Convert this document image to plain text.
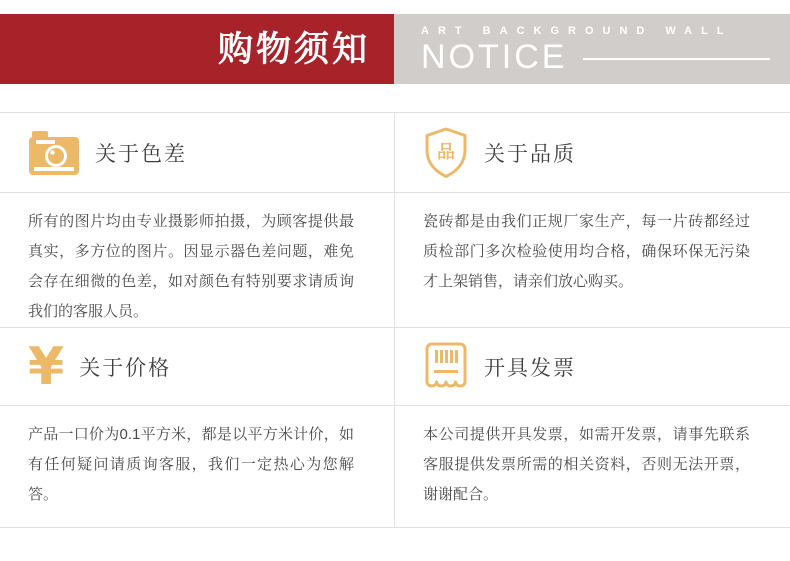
购物须知	ART BACKGROUND WALL
NOTICE
关于色差	品 关于品质
所有的图片均由专业摄影师拍摄，为顾客提供最真实，多方位的图片。因显示器色差问题，难免会存在细微的色差，如对颜色有特别要求请质询我们的客服人员。
瓷砖都是由我们正规厂家生产，每一片砖都经过质检部门多次检验使用均合格，确保环保无污染才上架销售，请亲们放心购买。
¥ 关于价格	开具发票
产品一口价为0.1平方米，都是以平方米计价，如有任何疑问请质询客服，我们一定热心为您解答。
本公司提供开具发票，如需开发票，请事先联系客服提供发票所需的相关资料，否则无法开票，谢谢配合。
